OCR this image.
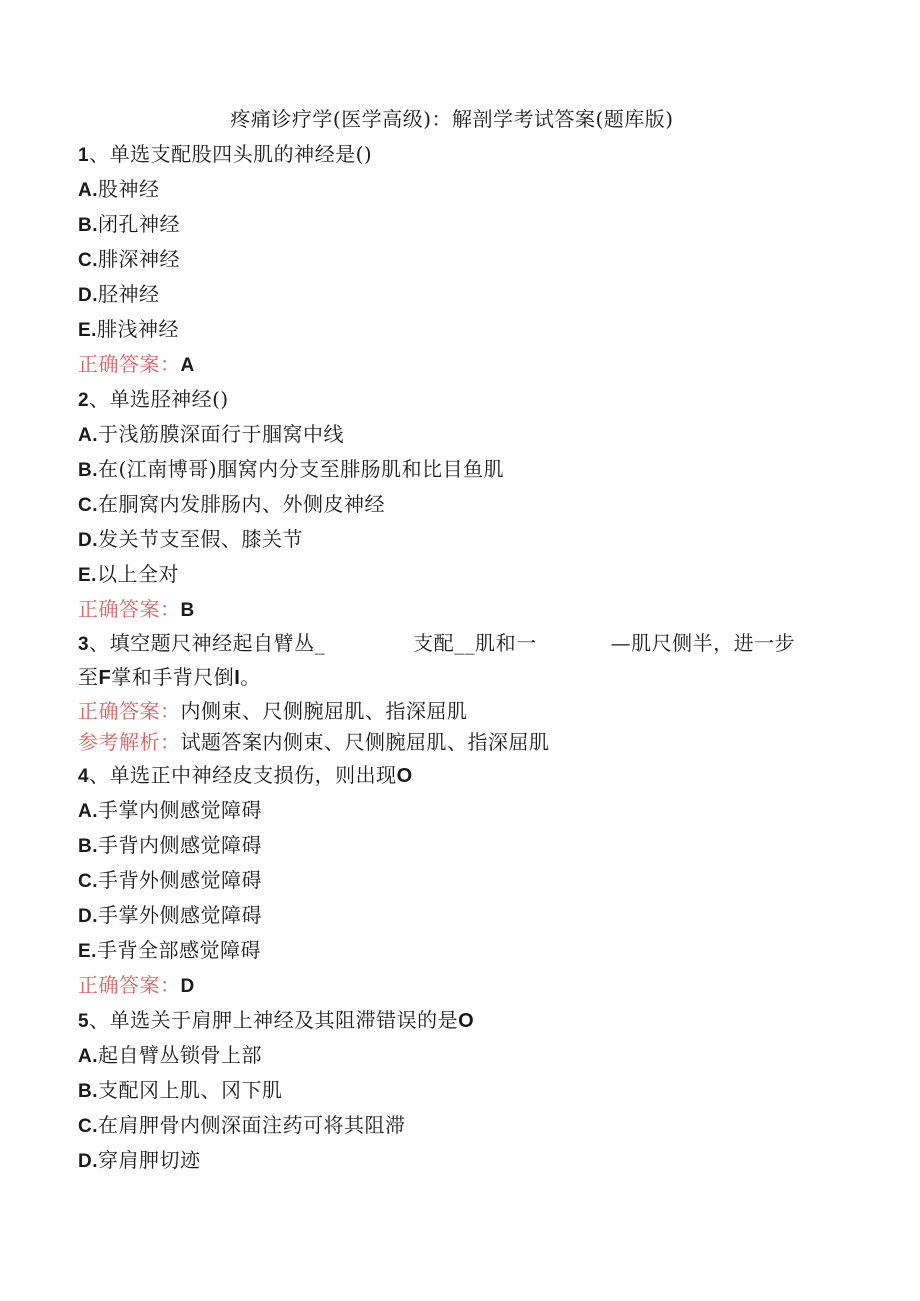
疼痛诊疗学(医学高级)：解剖学考试答案(题库版)
1、单选支配股四头肌的神经是()
A.股神经
B.闭孔神经
C.腓深神经
D.胫神经
E.腓浅神经
正确答案：A
2、单选胫神经()
A.于浅筋膜深面行于腘窝中线
B.在(江南博哥)腘窝内分支至腓肠肌和比目鱼肌
C.在胴窝内发腓肠内、外侧皮神经
D.发关节支至假、膝关节
E.以上全对
正确答案：B
3、填空题尺神经起自臂丛_	支配__肌和一	—肌尺侧半，进一步
至F掌和手背尺倒I。
正确答案：内侧束、尺侧腕屈肌、指深屈肌
参考解析：试题答案内侧束、尺侧腕屈肌、指深屈肌
4、单选正中神经皮支损伤，则出现O
A.手掌内侧感觉障碍
B.手背内侧感觉障碍
C.手背外侧感觉障碍
D.手掌外侧感觉障碍
E.手背全部感觉障碍
正确答案：D
5、单选关于肩胛上神经及其阻滞错误的是O
A.起自臂丛锁骨上部
B.支配冈上肌、冈下肌
C.在肩胛骨内侧深面注药可将其阻滞
D.穿肩胛切迹
